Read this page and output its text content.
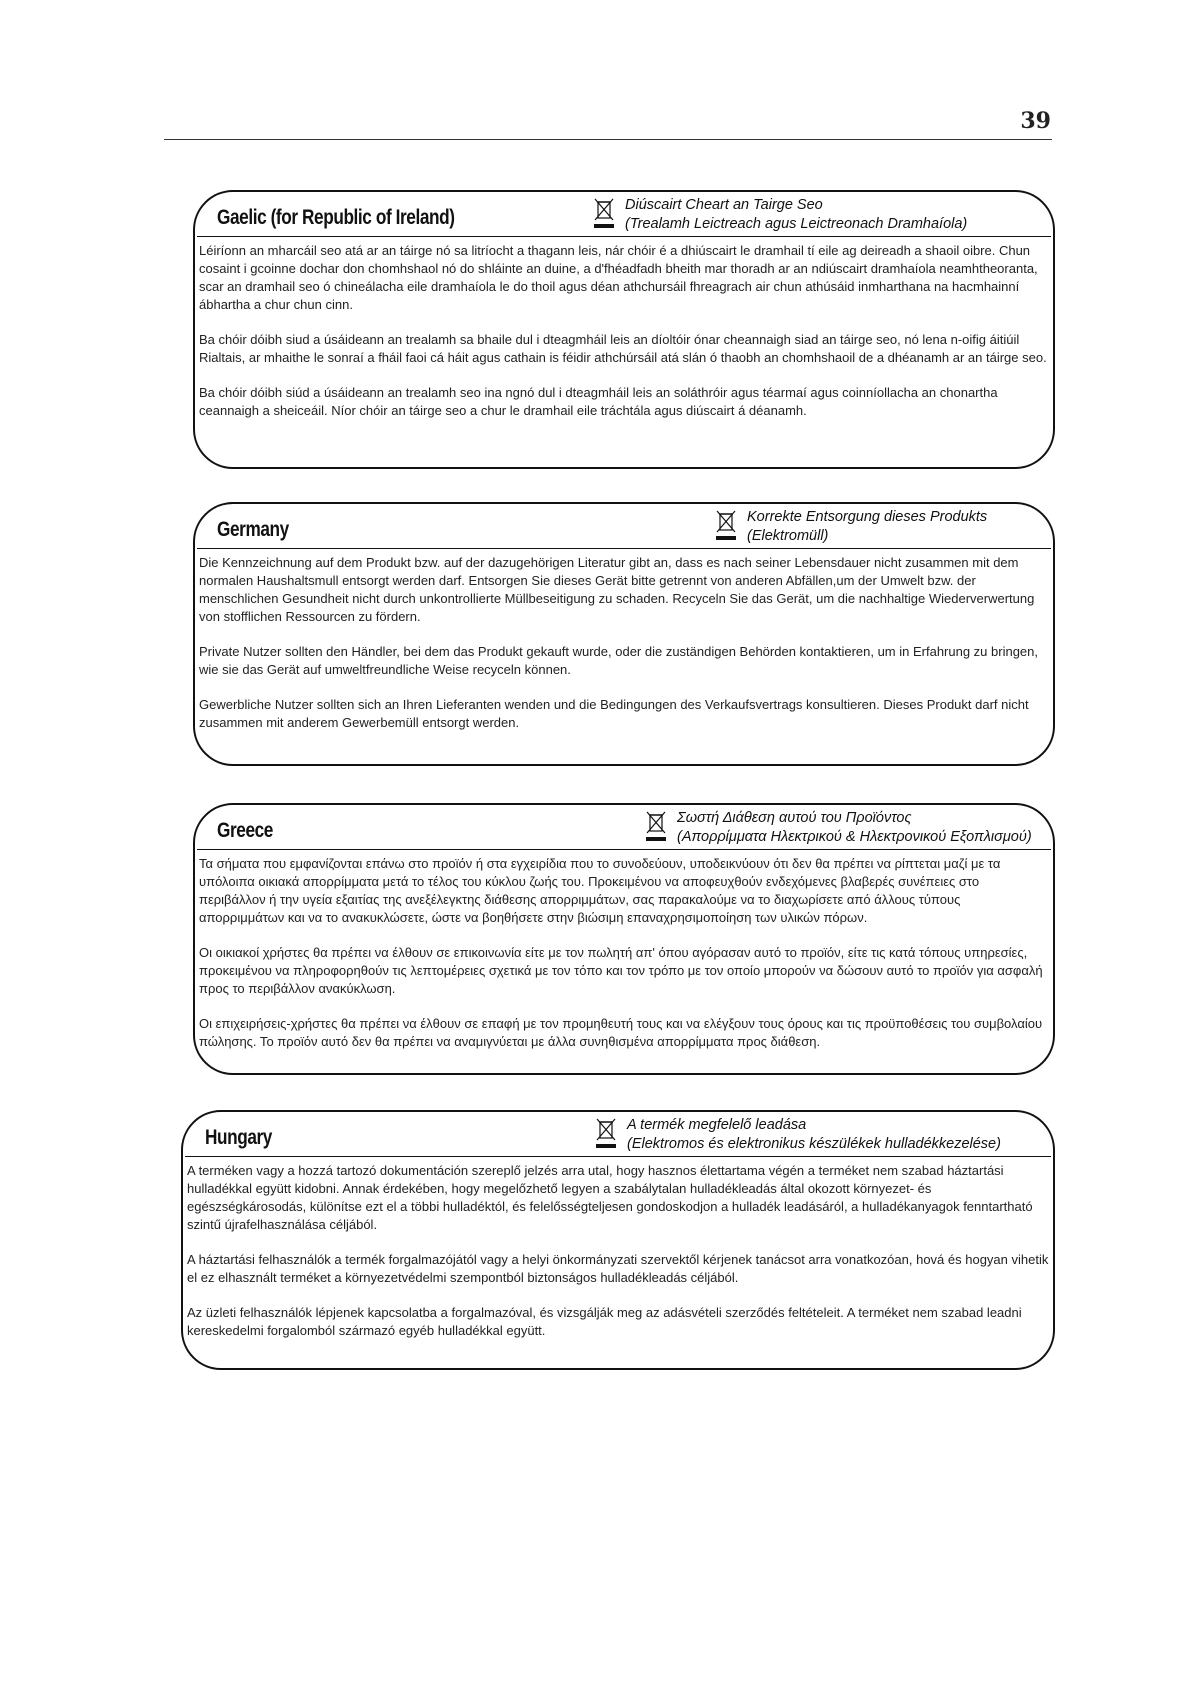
39
Gaelic (for Republic of Ireland)
Diúscairt Cheart an Tairge Seo
(Trealamh Leictreach agus Leictreonach Dramhaíola)

Léiríonn an mharcáil seo atá ar an táirge nó sa litríocht a thagann leis, nár chóir é a dhiúscairt le dramhail tí eile ag deireadh a shaoil oibre. Chun cosaint i gcoinne dochar don chomhshaol nó do shláinte an duine, a d'fhéadfadh bheith mar thoradh ar an ndiúscairt dramhaíola neamhtheoranta, scar an dramhail seo ó chineálacha eile dramhaíola le do thoil agus déan athchursáil fhreagrach air chun athúsáid inmharthana na hacmhainní ábhartha a chur chun cinn.

Ba chóir dóibh siud a úsáideann an trealamh sa bhaile dul i dteagmháil leis an díoltóir ónar cheannaigh siad an táirge seo, nó lena n-oifig áitiúil Rialtais, ar mhaithe le sonraí a fháil faoi cá háit agus cathain is féidir athchúrsáil atá slán ó thaobh an chomhshaoil de a dhéanamh ar an táirge seo.

Ba chóir dóibh siúd a úsáideann an trealamh seo ina ngnó dul i dteagmháil leis an soláthróir agus téarmaí agus coinníollacha an chonartha ceannaigh a sheiceáil. Níor chóir an táirge seo a chur le dramhail eile tráchtála agus diúscairt á déanamh.

Germany
Korrekte Entsorgung dieses Produkts
(Elektromüll)

Die Kennzeichnung auf dem Produkt bzw. auf der dazugehörigen Literatur gibt an, dass es nach seiner Lebensdauer nicht zusammen mit dem normalen Haushaltsmull entsorgt werden darf. Entsorgen Sie dieses Gerät bitte getrennt von anderen Abfällen,um der Umwelt bzw. der menschlichen Gesundheit nicht durch unkontrollierte Müllbeseitigung zu schaden. Recyceln Sie das Gerät, um die nachhaltige Wiederverwertung von stofflichen Ressourcen zu fördern.

Private Nutzer sollten den Händler, bei dem das Produkt gekauft wurde, oder die zuständigen Behörden kontaktieren, um in Erfahrung zu bringen, wie sie das Gerät auf umweltfreundliche Weise recyceln können.

Gewerbliche Nutzer sollten sich an Ihren Lieferanten wenden und die Bedingungen des Verkaufsvertrags konsultieren. Dieses Produkt darf nicht zusammen mit anderem Gewerbemüll entsorgt werden.

Greece
Σωστή Διάθεση αυτού του Προϊόντος
(Απορρίμματα Ηλεκτρικού & Ηλεκτρονικού Εξοπλισμού)

Τα σήματα που εμφανίζονται επάνω στο προϊόν ή στα εγχειρίδια που το συνοδεύουν, υποδεικνύουν ότι δεν θα πρέπει να ρίπτεται μαζί με τα υπόλοιπα οικιακά απορρίμματα μετά το τέλος του κύκλου ζωής του. Προκειμένου να αποφευχθούν ενδεχόμενες βλαβερές συνέπειες στο περιβάλλον ή την υγεία εξαιτίας της ανεξέλεγκτης διάθεσης απορριμμάτων, σας παρακαλούμε να το διαχωρίσετε από άλλους τύπους απορριμμάτων και να το ανακυκλώσετε, ώστε να βοηθήσετε στην βιώσιμη επαναχρησιμοποίηση των υλικών πόρων.

Οι οικιακοί χρήστες θα πρέπει να έλθουν σε επικοινωνία είτε με τον πωλητή απ' όπου αγόρασαν αυτό το προϊόν, είτε τις κατά τόπους υπηρεσίες, προκειμένου να πληροφορηθούν τις λεπτομέρειες σχετικά με τον τόπο και τον τρόπο με τον οποίο μπορούν να δώσουν αυτό το προϊόν για ασφαλή προς το περιβάλλον ανακύκλωση.

Οι επιχειρήσεις-χρήστες θα πρέπει να έλθουν σε επαφή με τον προμηθευτή τους και να ελέγξουν τους όρους και τις προϋποθέσεις του συμβολαίου πώλησης. Το προϊόν αυτό δεν θα πρέπει να αναμιγνύεται με άλλα συνηθισμένα απορρίμματα προς διάθεση.

Hungary
A termék megfelelő leadása
(Elektromos és elektronikus készülékek hulladékkezelése)

A terméken vagy a hozzá tartozó dokumentáción szereplő jelzés arra utal, hogy hasznos élettartama végén a terméket nem szabad háztartási hulladékkal együtt kidobni. Annak érdekében, hogy megelőzhető legyen a szabálytalan hulladékleadás által okozott környezet- és egészségkárosodás, különítse ezt el a többi hulladéktól, és felelősségteljesen gondoskodjon a hulladék leadásáról, a hulladékanyagok fenntartható szintű újrafelhasználása céljából.

A háztartási felhasználók a termék forgalmazójától vagy a helyi önkormányzati szervektől kérjenek tanácsot arra vonatkozóan, hová és hogyan vihetik el ez elhasznált terméket a környezetvédelmi szempontból biztonságos hulladékleadás céljából.

Az üzleti felhasználók lépjenek kapcsolatba a forgalmazóval, és vizsgálják meg az adásvételi szerződés feltételeit. A terméket nem szabad leadni kereskedelmi forgalomból származó egyéb hulladékkal együtt.
